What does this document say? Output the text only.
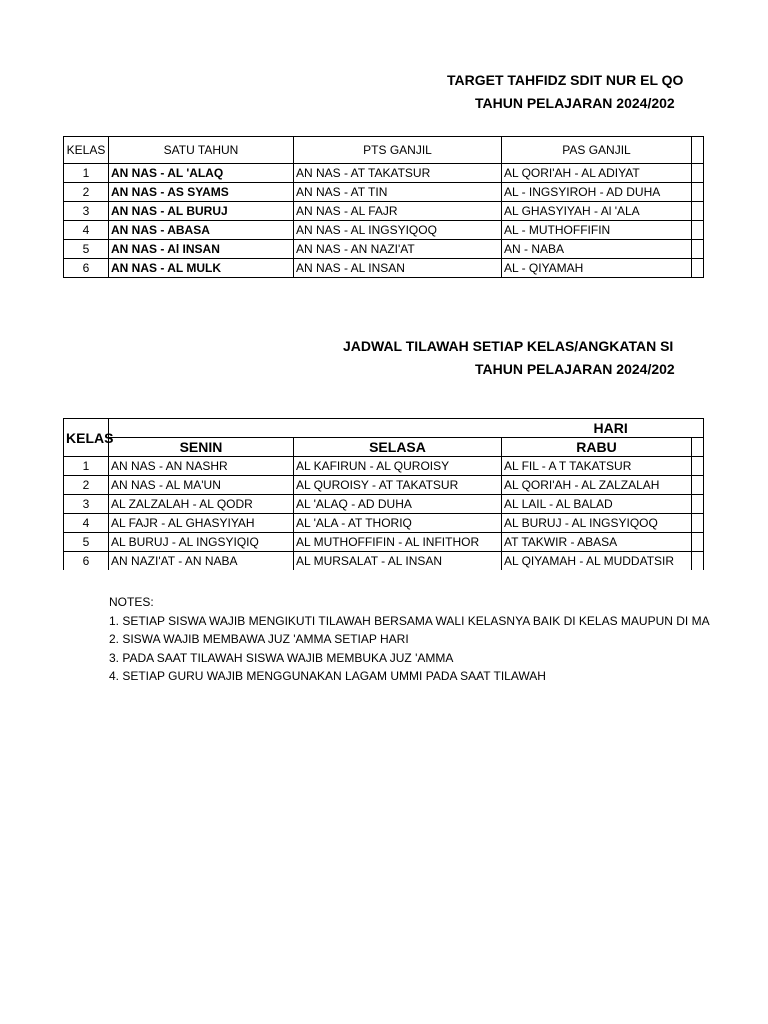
TARGET TAHFIDZ SDIT NUR EL QO
TAHUN PELAJARAN 2024/202
KELAS	SATU TAHUN	PTS GANJIL	PAS GANJIL	
1	AN NAS - AL 'ALAQ	AN NAS - AT TAKATSUR	AL QORI'AH - AL ADIYAT	
2	AN NAS - AS SYAMS	AN NAS - AT TIN	AL - INGSYIROH - AD DUHA	
3	AN NAS - AL BURUJ	AN NAS - AL FAJR	AL GHASYIYAH - Al 'ALA	
4	AN NAS - ABASA	AN NAS - AL INGSYIQOQ	AL - MUTHOFFIFIN	
5	AN NAS - Al INSAN	AN NAS - AN NAZI'AT	AN - NABA	
6	AN NAS - AL MULK	AN NAS - AL INSAN	AL - QIYAMAH	
JADWAL TILAWAH SETIAP KELAS/ANGKATAN SI
TAHUN PELAJARAN 2024/202
KELAS			HARI	
	SENIN	SELASA	RABU	
1	AN NAS - AN NASHR	AL KAFIRUN - AL QUROISY	AL FIL - A T TAKATSUR	
2	AN NAS - AL MA'UN	AL QUROISY - AT TAKATSUR	AL QORI'AH - AL ZALZALAH	
3	AL ZALZALAH - AL QODR	AL 'ALAQ - AD DUHA	AL LAIL - AL BALAD	
4	AL FAJR - AL GHASYIYAH	AL 'ALA - AT THORIQ	AL BURUJ - AL INGSYIQOQ	
5	AL BURUJ - AL INGSYIQIQ	AL MUTHOFFIFIN - AL INFITHOR	AT TAKWIR - ABASA	
6	AN NAZI'AT - AN NABA	AL MURSALAT - AL INSAN	AL QIYAMAH - AL MUDDATSIR	
NOTES:
1. SETIAP SISWA WAJIB MENGIKUTI TILAWAH BERSAMA WALI KELASNYA BAIK DI KELAS MAUPUN DI MA
2. SISWA WAJIB MEMBAWA JUZ 'AMMA SETIAP HARI
3. PADA SAAT TILAWAH SISWA WAJIB MEMBUKA JUZ 'AMMA
4. SETIAP GURU WAJIB MENGGUNAKAN LAGAM UMMI PADA SAAT TILAWAH
